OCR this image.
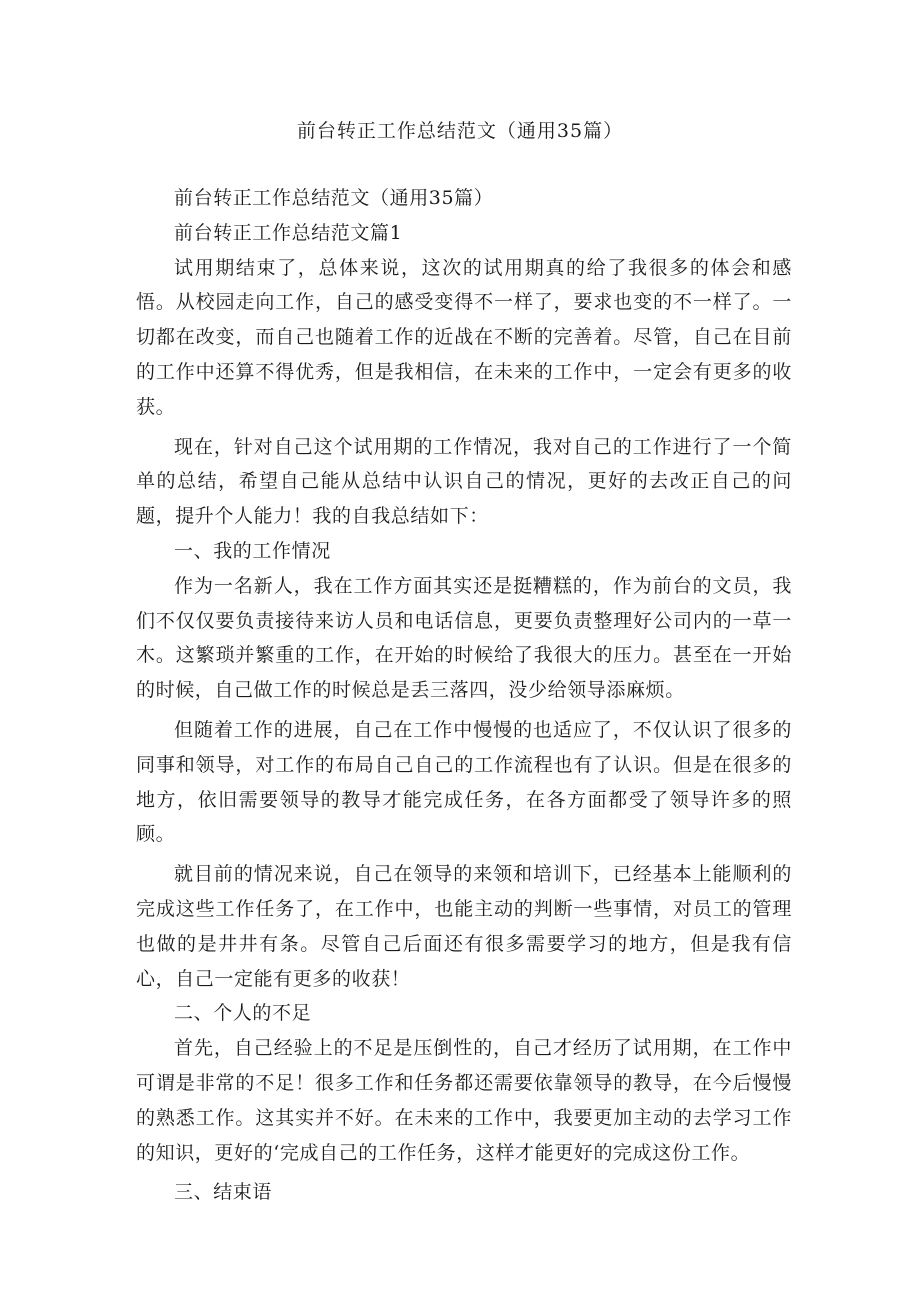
前台转正工作总结范文（通用35篇）

前台转正工作总结范文（通用35篇）

前台转正工作总结范文篇1

试用期结束了，总体来说，这次的试用期真的给了我很多的体会和感悟。从校园走向工作，自己的感受变得不一样了，要求也变的不一样了。一切都在改变，而自己也随着工作的近战在不断的完善着。尽管，自己在目前的工作中还算不得优秀，但是我相信，在未来的工作中，一定会有更多的收获。

现在，针对自己这个试用期的工作情况，我对自己的工作进行了一个简单的总结，希望自己能从总结中认识自己的情况，更好的去改正自己的问题，提升个人能力！我的自我总结如下：

一、我的工作情况

作为一名新人，我在工作方面其实还是挺糟糕的，作为前台的文员，我们不仅仅要负责接待来访人员和电话信息，更要负责整理好公司内的一草一木。这繁琐并繁重的工作，在开始的时候给了我很大的压力。甚至在一开始的时候，自己做工作的时候总是丢三落四，没少给领导添麻烦。

但随着工作的进展，自己在工作中慢慢的也适应了，不仅认识了很多的同事和领导，对工作的布局自己自己的工作流程也有了认识。但是在很多的地方，依旧需要领导的教导才能完成任务，在各方面都受了领导许多的照顾。

就目前的情况来说，自己在领导的来领和培训下，已经基本上能顺利的完成这些工作任务了，在工作中，也能主动的判断一些事情，对员工的管理也做的是井井有条。尽管自己后面还有很多需要学习的地方，但是我有信心，自己一定能有更多的收获！

二、个人的不足

首先，自己经验上的不足是压倒性的，自己才经历了试用期，在工作中可谓是非常的不足！很多工作和任务都还需要依靠领导的教导，在今后慢慢的熟悉工作。这其实并不好。在未来的工作中，我要更加主动的去学习工作的知识，更好的‘完成自己的工作任务，这样才能更好的完成这份工作。

三、结束语
